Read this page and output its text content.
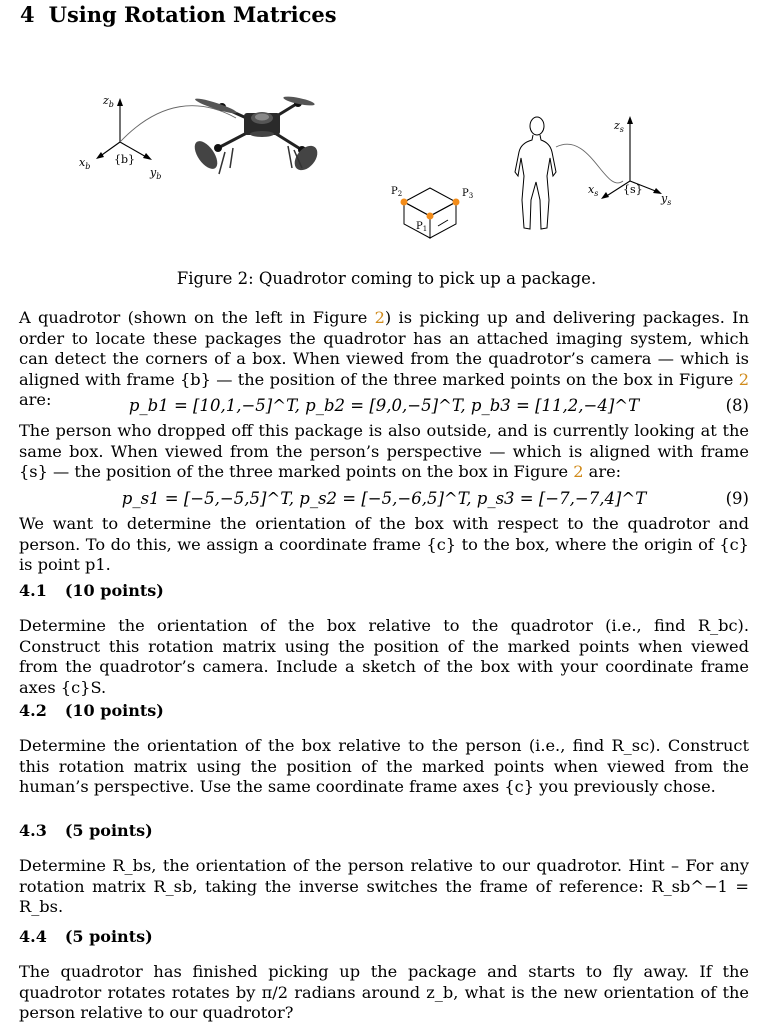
4 Using Rotation Matrices
$z_b$
$x_b$	$y_b$
{b}
$P_2$	$P_3$
$P_1$
$z_s$
$x_s$	$y_s$
{s}
Figure 2: Quadrotor coming to pick up a package.
A quadrotor (shown on the left in Figure 2) is picking up and delivering packages. In order to locate these packages the quadrotor has an attached imaging system, which can detect the corners of a box. When viewed from the quadrotor’s camera — which is aligned with frame {b} — the position of the three marked points on the box in Figure 2 are:	p_b1 = [10,1,−5]^T, p_b2 = [9,0,−5]^T, p_b3 = [11,2,−4]^T	(8)
The person who dropped off this package is also outside, and is currently looking at the same box. When viewed from the person’s perspective — which is aligned with frame {s} — the position of the three marked points on the box in Figure 2 are:
p_s1 = [−5,−5,5]^T, p_s2 = [−5,−6,5]^T, p_s3 = [−7,−7,4]^T	(9)
We want to determine the orientation of the box with respect to the quadrotor and person. To do this, we assign a coordinate frame {c} to the box, where the origin of {c} is point p1.
4.1 (10 points)
Determine the orientation of the box relative to the quadrotor (i.e., find R_bc). Construct this rotation matrix using the position of the marked points when viewed from the quadrotor’s camera. Include a sketch of the box with your coordinate frame axes {c}S.
4.2 (10 points)
Determine the orientation of the box relative to the person (i.e., find R_sc). Construct this rotation matrix using the position of the marked points when viewed from the human’s perspective. Use the same coordinate frame axes {c} you previously chose.
4.3 (5 points)
Determine R_bs, the orientation of the person relative to our quadrotor. Hint – For any rotation matrix R_sb, taking the inverse switches the frame of reference: R_sb^−1 = R_bs.
4.4 (5 points)
The quadrotor has finished picking up the package and starts to fly away. If the quadrotor rotates rotates by π/2 radians around z_b, what is the new orientation of the person relative to our quadrotor?
